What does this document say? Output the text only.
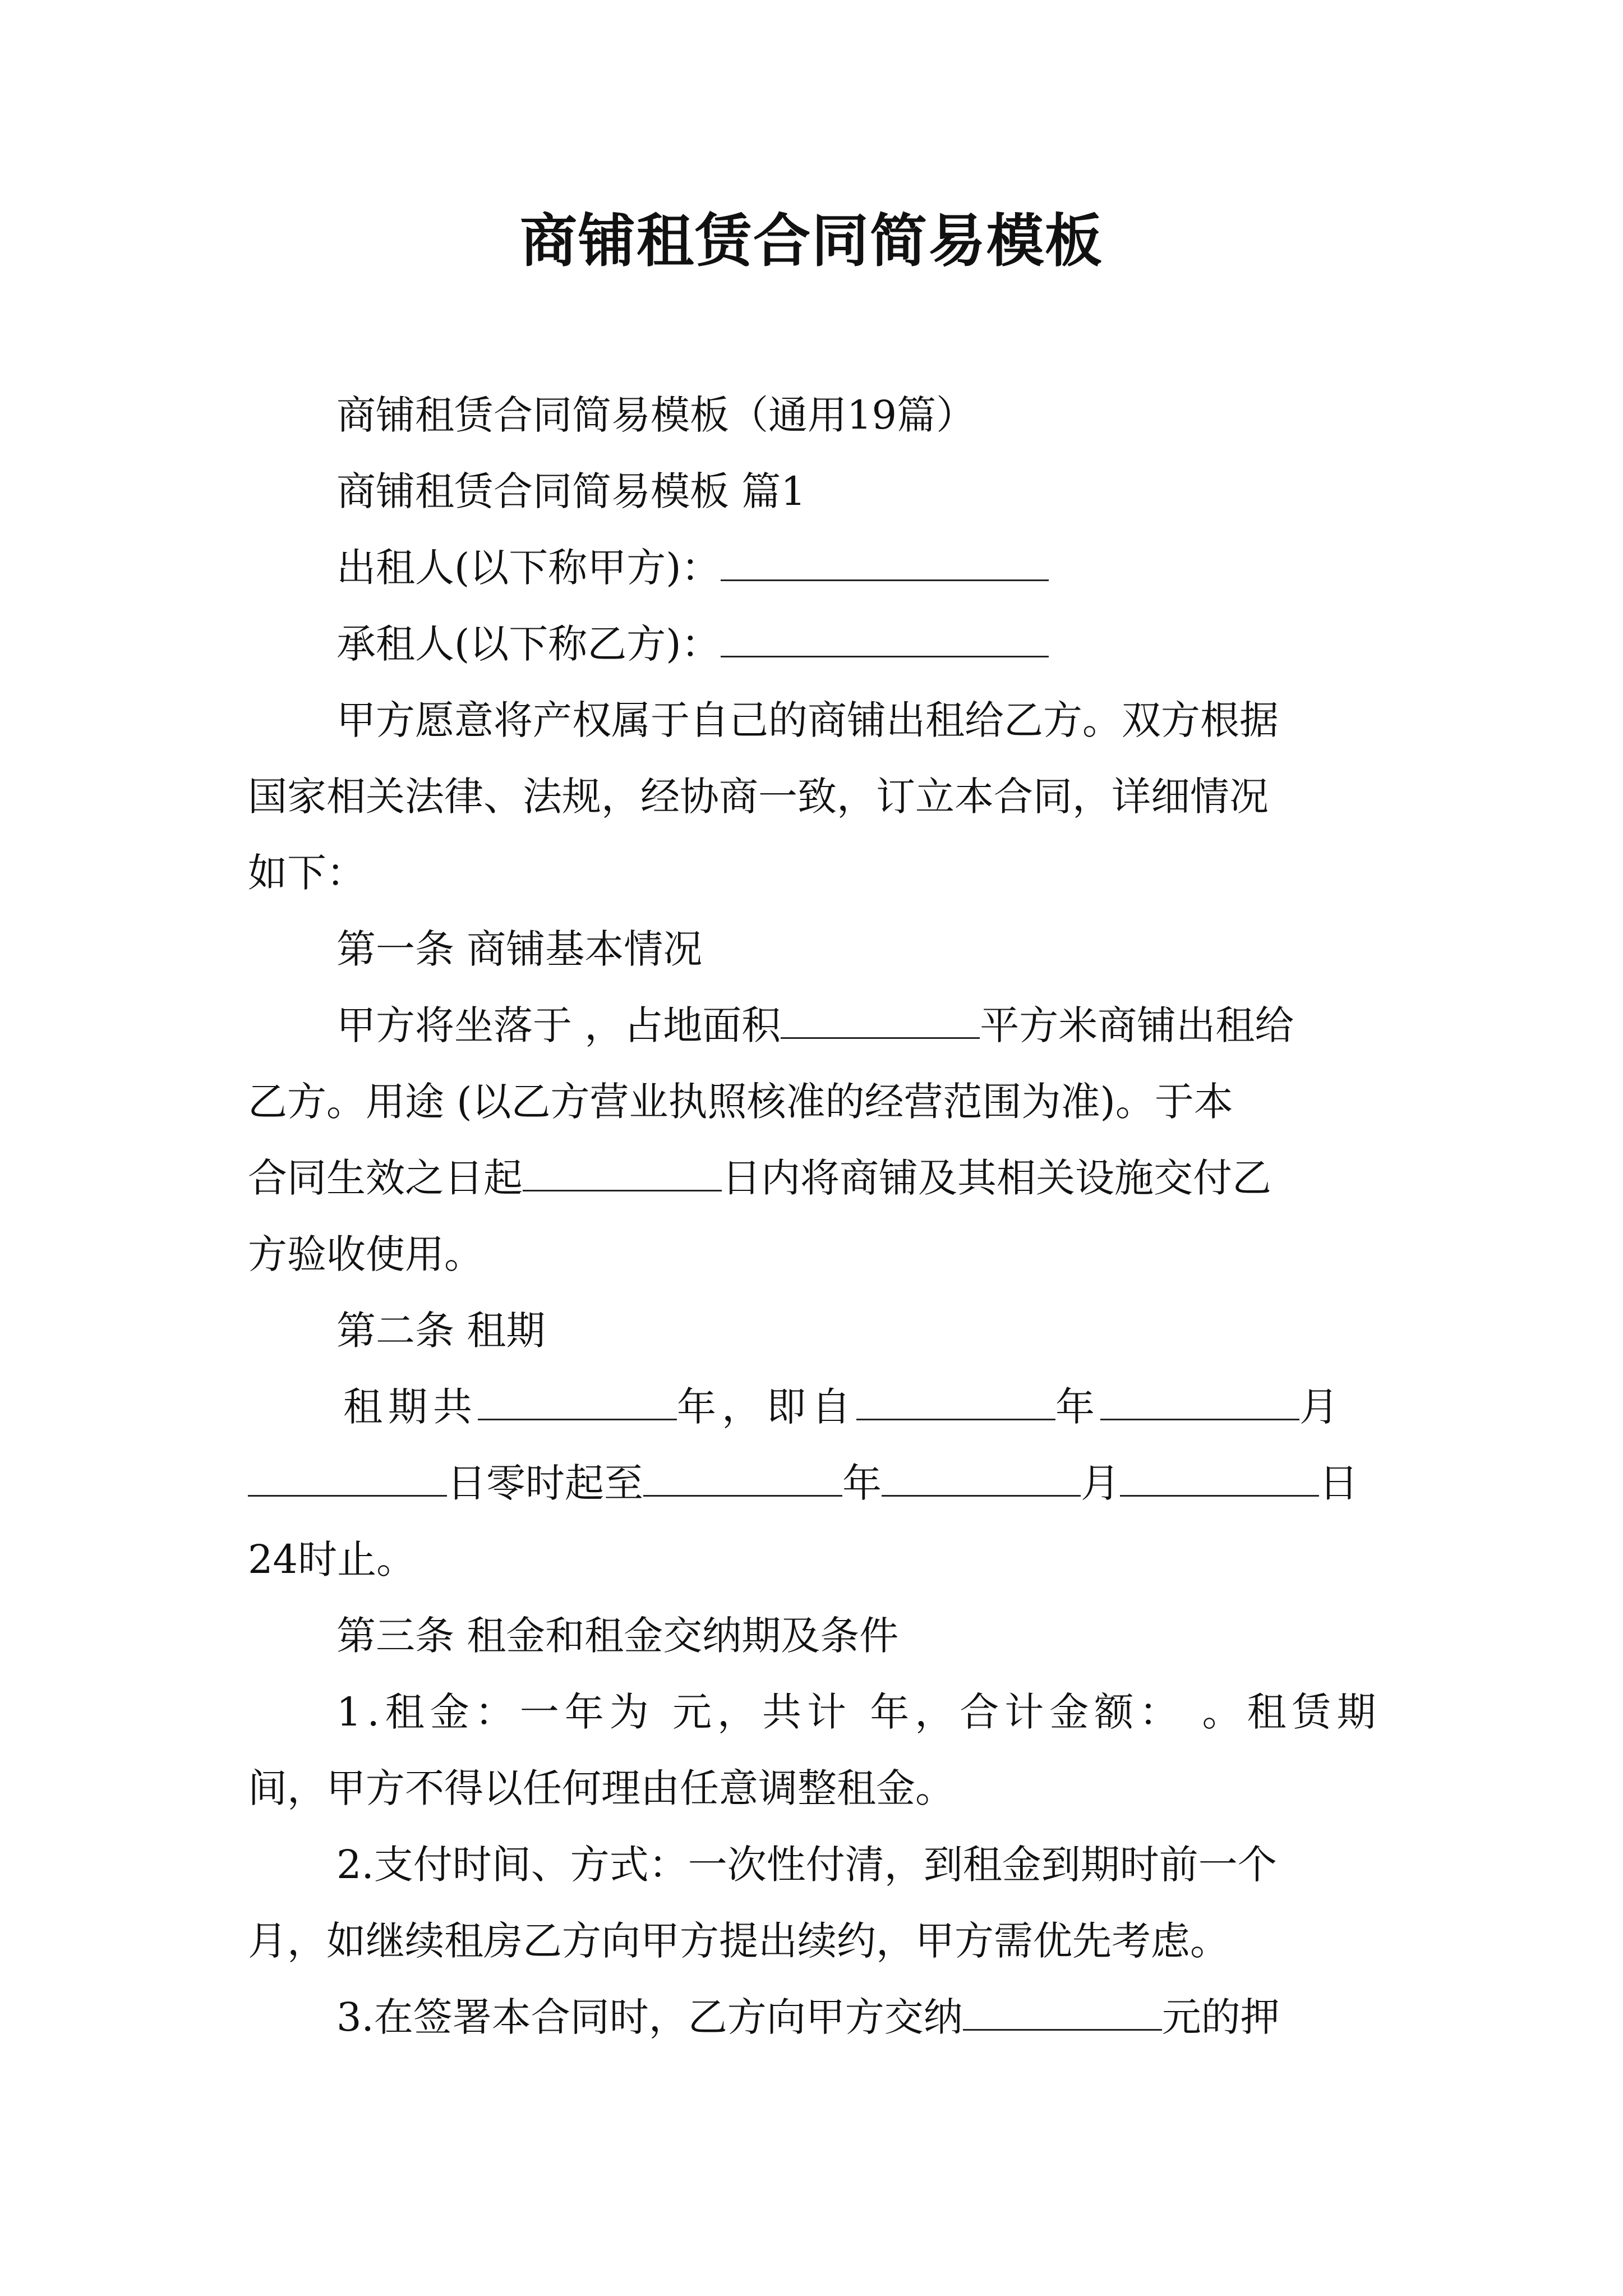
商铺租赁合同简易模板

商铺租赁合同简易模板（通用19篇）

商铺租赁合同简易模板 篇1

出租人(以下称甲方)：

承租人(以下称乙方)：

甲方愿意将产权属于自己的商铺出租给乙方。双方根据

国家相关法律、法规，经协商一致，订立本合同，详细情况

如下：

第一条 商铺基本情况

甲方将坐落于 ，占地面积	平方米商铺出租给

乙方。用途 (以乙方营业执照核准的经营范围为准)。于本

合同生效之日起	日内将商铺及其相关设施交付乙

方验收使用。

第二条 租期

租期共	年，即自	年	月

日零时起至	年	月	日

24时止。

第三条 租金和租金交纳期及条件

1.租金：一年为 元，共计 年，合计金额： 。租赁期

间，甲方不得以任何理由任意调整租金。

2.支付时间、方式：一次性付清，到租金到期时前一个

月，如继续租房乙方向甲方提出续约，甲方需优先考虑。

3.在签署本合同时，乙方向甲方交纳	元的押
